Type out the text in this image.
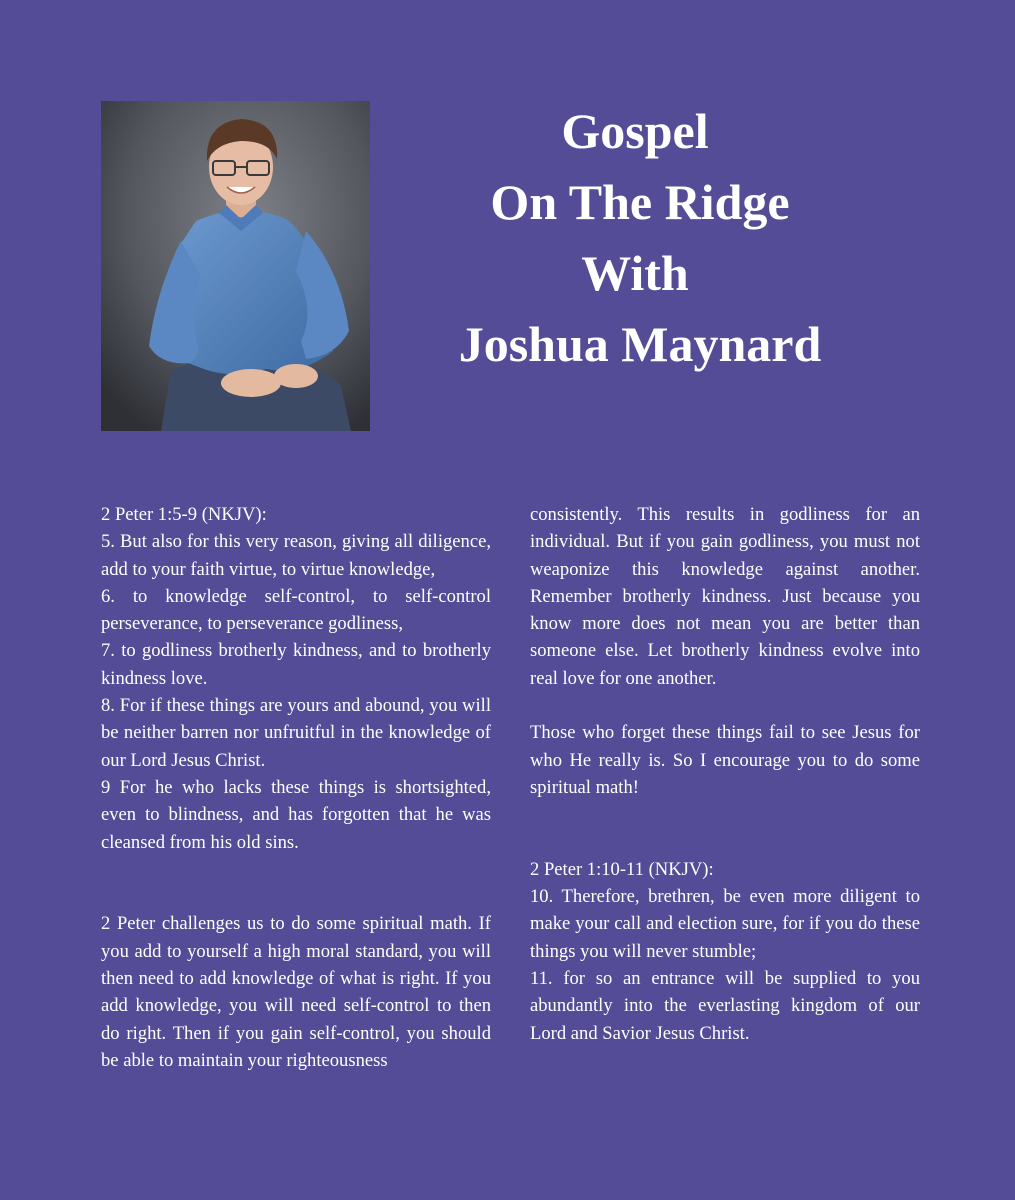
Gospel
On The Ridge
With
Joshua Maynard

2 Peter 1:5-9 (NKJV):

5. But also for this very reason, giving all diligence, add to your faith virtue, to virtue knowledge,

6. to knowledge self-control, to self-control perseverance, to perseverance godliness,

7. to godliness brotherly kindness, and to brotherly kindness love.

8. For if these things are yours and abound, you will be neither barren nor unfruitful in the knowledge of our Lord Jesus Christ.

9 For he who lacks these things is shortsighted, even to blindness, and has forgotten that he was cleansed from his old sins.

2 Peter challenges us to do some spiritual math. If you add to yourself a high moral standard, you will then need to add knowledge of what is right. If you add knowledge, you will need self-control to then do right. Then if you gain self-control, you should be able to maintain your righteousness

consistently. This results in godliness for an individual. But if you gain godliness, you must not weaponize this knowledge against another. Remember brotherly kindness. Just because you know more does not mean you are better than someone else. Let brotherly kindness evolve into real love for one another.

Those who forget these things fail to see Jesus for who He really is. So I encourage you to do some spiritual math!

2 Peter 1:10-11 (NKJV):

10. Therefore, brethren, be even more diligent to make your call and election sure, for if you do these things you will never stumble;

11. for so an entrance will be supplied to you abundantly into the everlasting kingdom of our Lord and Savior Jesus Christ.
